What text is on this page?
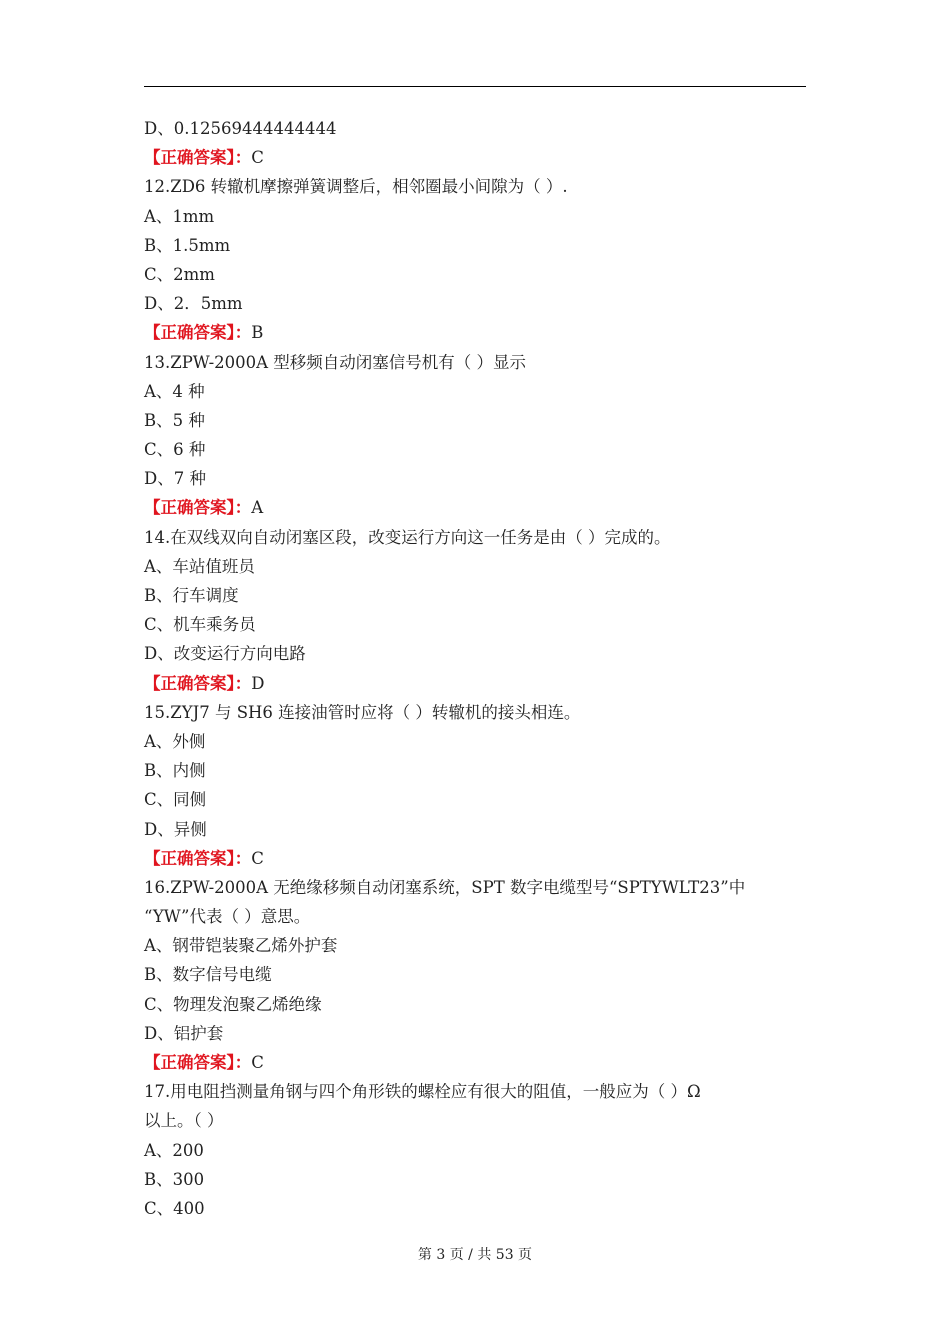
D、0.12569444444444
【正确答案】：C
12.ZD6 转辙机摩擦弹簧调整后，相邻圈最小间隙为（ ）.
A、1mm
B、1.5mm
C、2mm
D、2．5mm
【正确答案】：B
13.ZPW-2000A 型移频自动闭塞信号机有（ ）显示
A、4 种
B、5 种
C、6 种
D、7 种
【正确答案】：A
14.在双线双向自动闭塞区段，改变运行方向这一任务是由（ ）完成的。
A、车站值班员
B、行车调度
C、机车乘务员
D、改变运行方向电路
【正确答案】：D
15.ZYJ7 与 SH6 连接油管时应将（ ）转辙机的接头相连。
A、外侧
B、内侧
C、同侧
D、异侧
【正确答案】：C
16.ZPW-2000A 无绝缘移频自动闭塞系统，SPT 数字电缆型号“SPTYWLT23”中
“YW”代表（ ）意思。
A、钢带铠装聚乙烯外护套
B、数字信号电缆
C、物理发泡聚乙烯绝缘
D、铝护套
【正确答案】：C
17.用电阻挡测量角钢与四个角形铁的螺栓应有很大的阻值，一般应为（ ）Ω
以上。（ ）
A、200
B、300
C、400
第 3 页 / 共 53 页
